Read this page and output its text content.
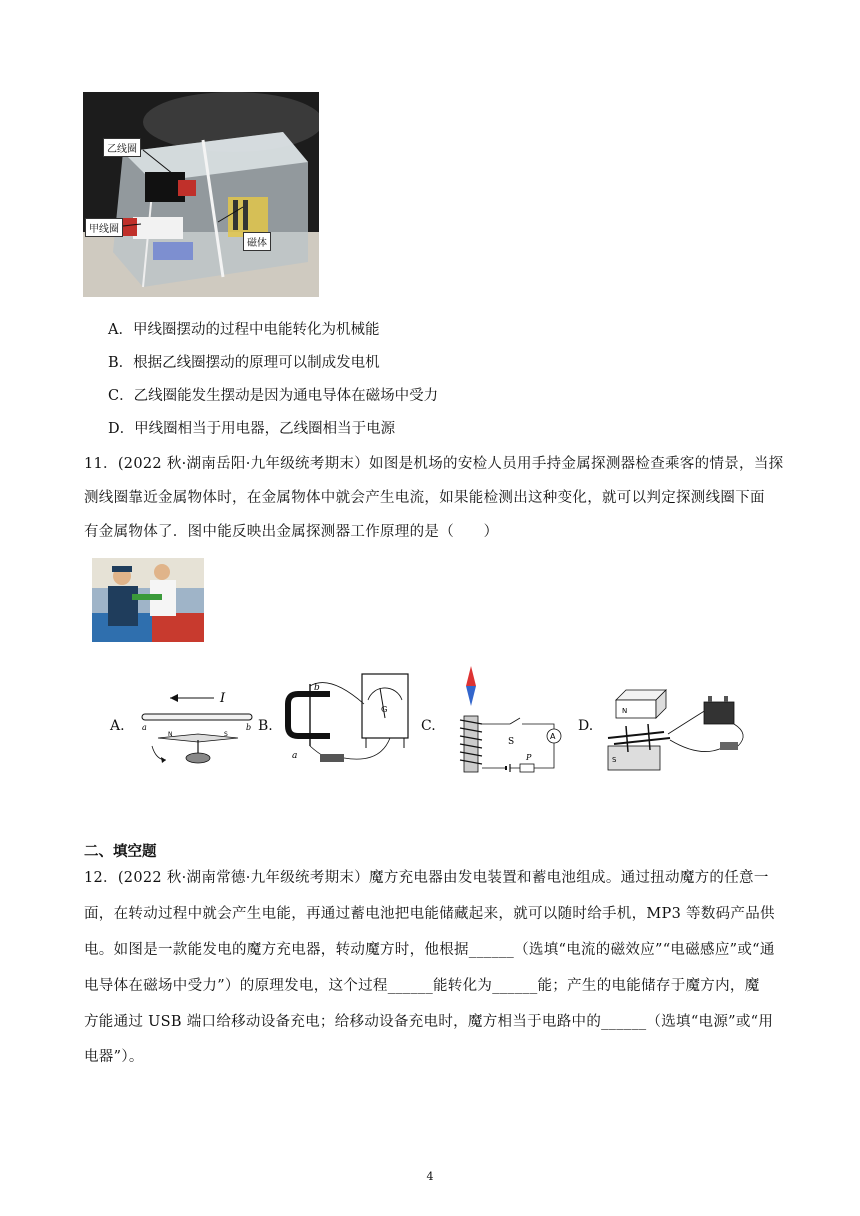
乙线圈
甲线圈
磁体
A．甲线圈摆动的过程中电能转化为机械能
B．根据乙线圈摆动的原理可以制成发电机
C．乙线圈能发生摆动是因为通电导体在磁场中受力
D．甲线圈相当于用电器，乙线圈相当于电源
11．(2022 秋·湖南岳阳·九年级统考期末）如图是机场的安检人员用手持金属探测器检查乘客的情景，当探
测线圈靠近金属物体时，在金属物体中就会产生电流，如果能检测出这种变化，就可以判定探测线圈下面
有金属物体了．图中能反映出金属探测器工作原理的是（　　）
A.	B.	C.	D.
I
a	b
N	S
b
a
G
S
A
P
N
S
二、填空题
12．(2022 秋·湖南常德·九年级统考期末）魔方充电器由发电装置和蓄电池组成。通过扭动魔方的任意一
面，在转动过程中就会产生电能，再通过蓄电池把电能储藏起来，就可以随时给手机，MP3 等数码产品供
电。如图是一款能发电的魔方充电器，转动魔方时，他根据______（选填“电流的磁效应”“电磁感应”或“通
电导体在磁场中受力”）的原理发电，这个过程______能转化为______能；产生的电能储存于魔方内，魔
方能通过 USB 端口给移动设备充电；给移动设备充电时，魔方相当于电路中的______（选填“电源”或“用
电器”）。
4
